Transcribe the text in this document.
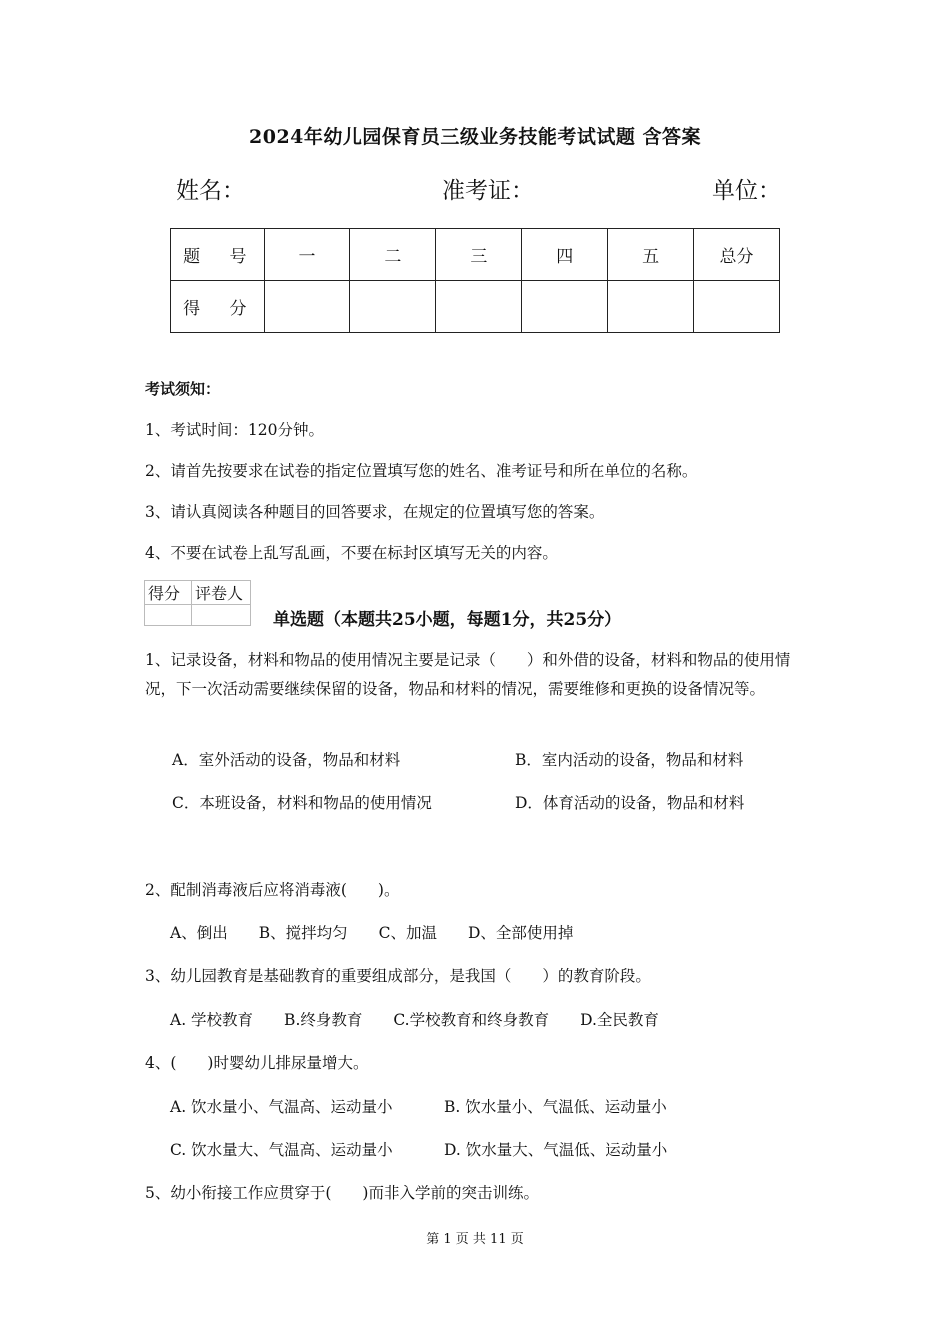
2024年幼儿园保育员三级业务技能考试试题 含答案
姓名：	准考证：	单位：
题 号	一	二	三	四	五	总分
得 分						
考试须知：
1、考试时间：120分钟。
2、请首先按要求在试卷的指定位置填写您的姓名、准考证号和所在单位的名称。
3、请认真阅读各种题目的回答要求，在规定的位置填写您的答案。
4、不要在试卷上乱写乱画，不要在标封区填写无关的内容。
得分	评卷人

单选题（本题共25小题，每题1分，共25分）
1、记录设备，材料和物品的使用情况主要是记录（　　）和外借的设备，材料和物品的使用情况，下一次活动需要继续保留的设备，物品和材料的情况，需要维修和更换的设备情况等。
A．室外活动的设备，物品和材料	B．室内活动的设备，物品和材料
C．本班设备，材料和物品的使用情况	D．体育活动的设备，物品和材料
2、配制消毒液后应将消毒液(　　)。
A、倒出　　B、搅拌均匀　　C、加温　　D、全部使用掉
3、幼儿园教育是基础教育的重要组成部分，是我国（　　）的教育阶段。
A. 学校教育　　B.终身教育　　C.学校教育和终身教育　　D.全民教育
4、(　　)时婴幼儿排尿量增大。
A. 饮水量小、气温高、运动量小	B. 饮水量小、气温低、运动量小
C. 饮水量大、气温高、运动量小	D. 饮水量大、气温低、运动量小
5、幼小衔接工作应贯穿于(　　)而非入学前的突击训练。
第 1 页 共 11 页
